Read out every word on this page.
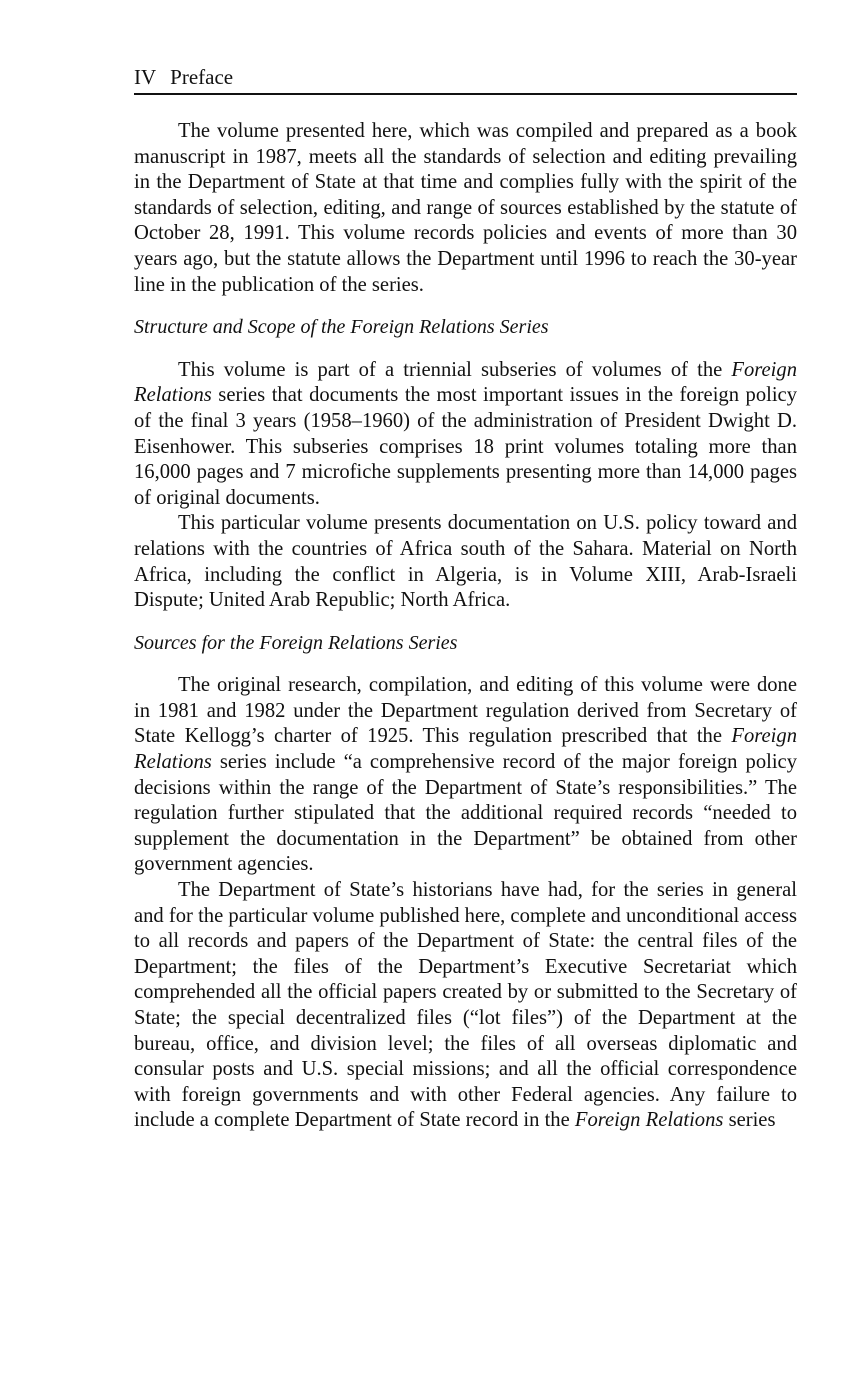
IV Preface

The volume presented here, which was compiled and prepared as a book manuscript in 1987, meets all the standards of selection and editing prevailing in the Department of State at that time and complies fully with the spirit of the standards of selection, editing, and range of sources established by the statute of October 28, 1991. This volume records policies and events of more than 30 years ago, but the statute allows the Department until 1996 to reach the 30-year line in the publication of the series.

Structure and Scope of the Foreign Relations Series

This volume is part of a triennial subseries of volumes of the Foreign Relations series that documents the most important issues in the foreign policy of the final 3 years (1958–1960) of the administration of President Dwight D. Eisenhower. This subseries comprises 18 print volumes totaling more than 16,000 pages and 7 microfiche supplements presenting more than 14,000 pages of original documents.

This particular volume presents documentation on U.S. policy toward and relations with the countries of Africa south of the Sahara. Material on North Africa, including the conflict in Algeria, is in Volume XIII, Arab-Israeli Dispute; United Arab Republic; North Africa.

Sources for the Foreign Relations Series

The original research, compilation, and editing of this volume were done in 1981 and 1982 under the Department regulation derived from Secretary of State Kellogg’s charter of 1925. This regulation prescribed that the Foreign Relations series include “a comprehensive record of the major foreign policy decisions within the range of the Department of State’s responsibilities.” The regulation further stipulated that the additional required records “needed to supplement the documentation in the Department” be obtained from other government agencies.

The Department of State’s historians have had, for the series in general and for the particular volume published here, complete and unconditional access to all records and papers of the Department of State: the central files of the Department; the files of the Department’s Executive Secretariat which comprehended all the official papers created by or submitted to the Secretary of State; the special decentralized files (“lot files”) of the Department at the bureau, office, and division level; the files of all overseas diplomatic and consular posts and U.S. special missions; and all the official correspondence with foreign governments and with other Federal agencies. Any failure to include a complete Department of State record in the Foreign Relations series
